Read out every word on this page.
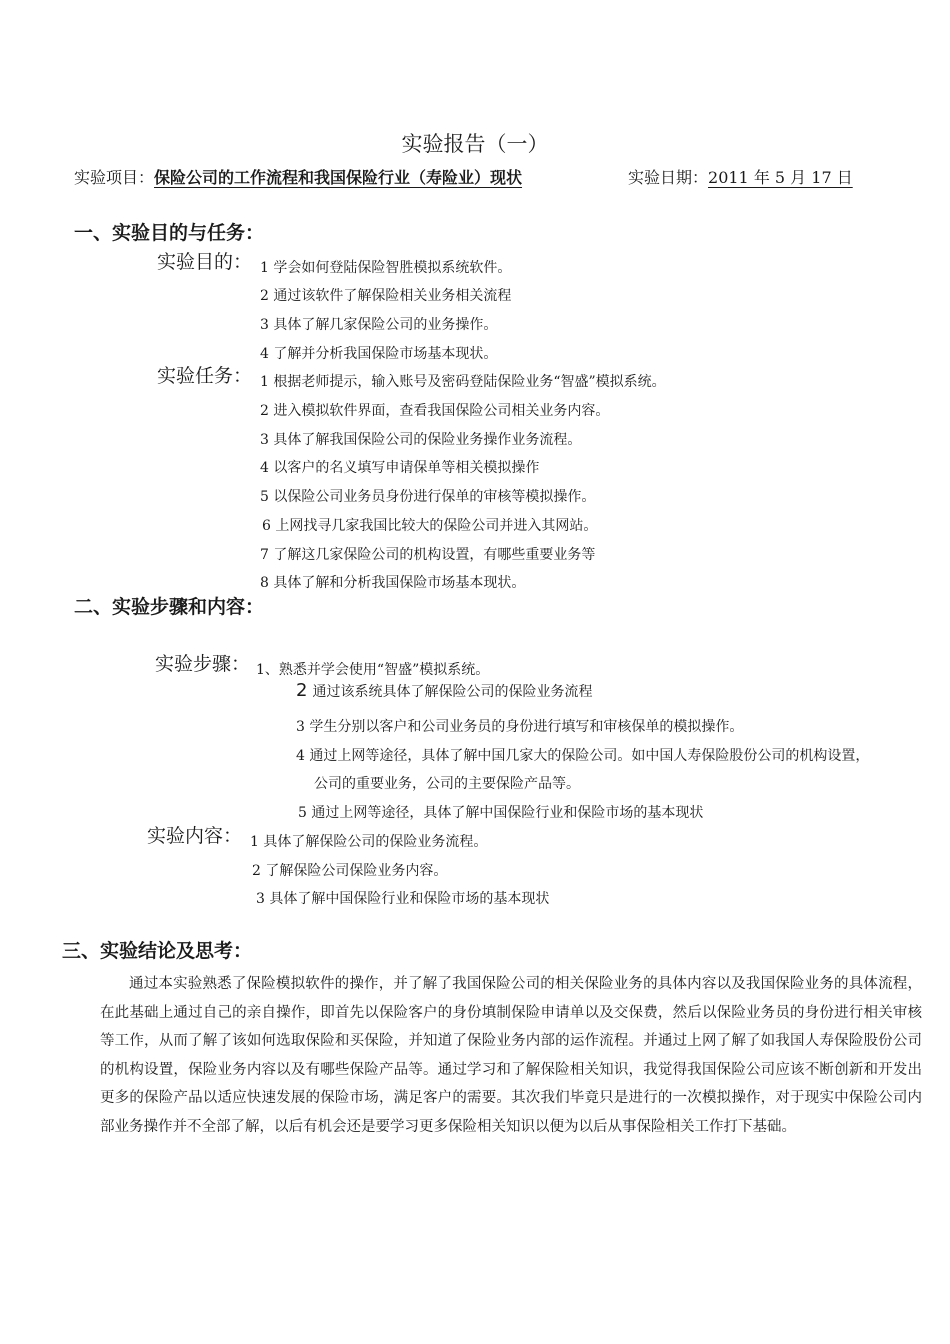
实验报告（一）
实验项目：保险公司的工作流程和我国保险行业（寿险业）现状	实验日期：2011 年 5 月 17 日
一、实验目的与任务：
实验目的： 1 学会如何登陆保险智胜模拟系统软件。
2 通过该软件了解保险相关业务相关流程
3 具体了解几家保险公司的业务操作。
4 了解并分析我国保险市场基本现状。
实验任务： 1 根据老师提示，输入账号及密码登陆保险业务“智盛”模拟系统。
2 进入模拟软件界面，查看我国保险公司相关业务内容。
3 具体了解我国保险公司的保险业务操作业务流程。
4 以客户的名义填写申请保单等相关模拟操作
5 以保险公司业务员身份进行保单的审核等模拟操作。
6 上网找寻几家我国比较大的保险公司并进入其网站。
7 了解这几家保险公司的机构设置，有哪些重要业务等
8 具体了解和分析我国保险市场基本现状。
二、实验步骤和内容：
实验步骤： 1、熟悉并学会使用“智盛”模拟系统。
2 通过该系统具体了解保险公司的保险业务流程
3 学生分别以客户和公司业务员的身份进行填写和审核保单的模拟操作。
4 通过上网等途径，具体了解中国几家大的保险公司。如中国人寿保险股份公司的机构设置，
公司的重要业务，公司的主要保险产品等。
5 通过上网等途径，具体了解中国保险行业和保险市场的基本现状
实验内容： 1 具体了解保险公司的保险业务流程。
2 了解保险公司保险业务内容。
3 具体了解中国保险行业和保险市场的基本现状
三、实验结论及思考：
通过本实验熟悉了保险模拟软件的操作，并了解了我国保险公司的相关保险业务的具体内容以及我国保险业务的具体流程，在此基础上通过自己的亲自操作，即首先以保险客户的身份填制保险申请单以及交保费，然后以保险业务员的身份进行相关审核等工作，从而了解了该如何选取保险和买保险，并知道了保险业务内部的运作流程。并通过上网了解了如我国人寿保险股份公司的机构设置，保险业务内容以及有哪些保险产品等。通过学习和了解保险相关知识，我觉得我国保险公司应该不断创新和开发出更多的保险产品以适应快速发展的保险市场，满足客户的需要。其次我们毕竟只是进行的一次模拟操作，对于现实中保险公司内部业务操作并不全部了解，以后有机会还是要学习更多保险相关知识以便为以后从事保险相关工作打下基础。
